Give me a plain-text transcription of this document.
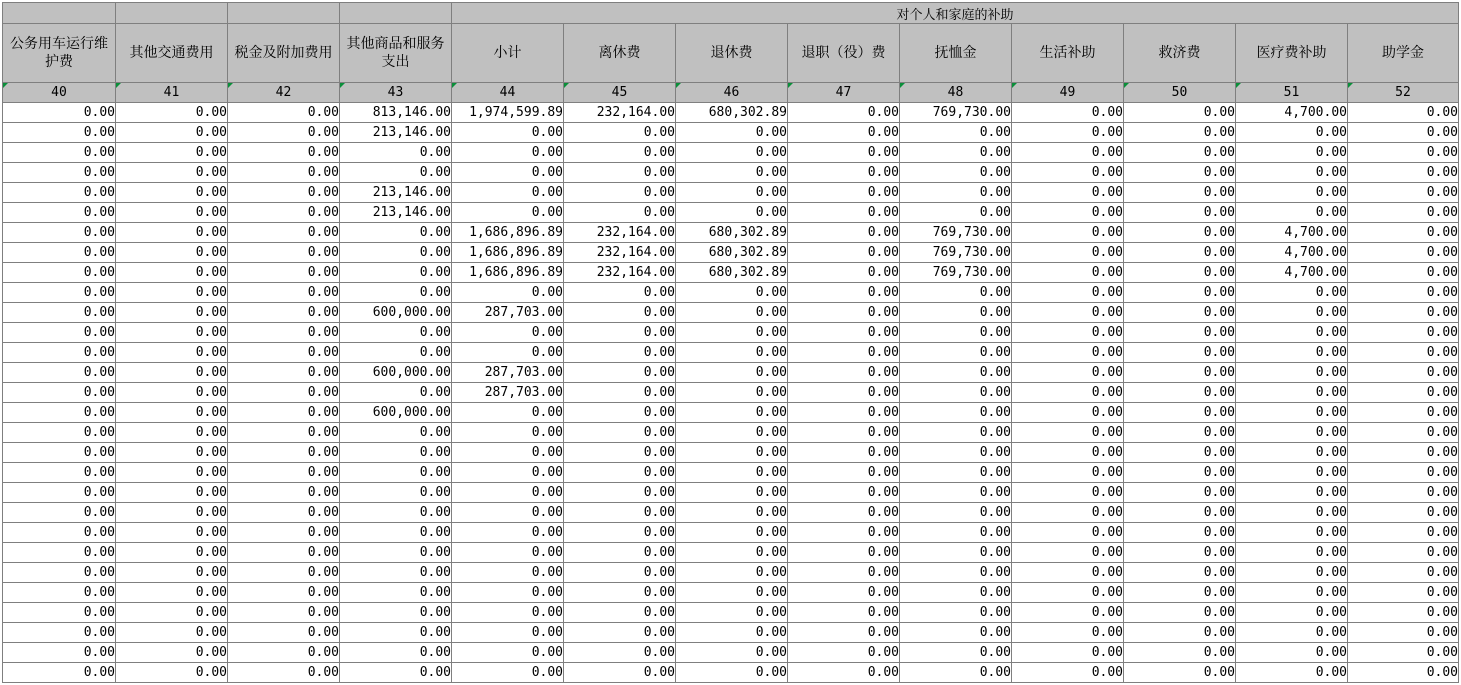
				对个人和家庭的补助								

公务用车运行维护费	其他交通费用	税金及附加费用	其他商品和服务支出	小计	离休费	退休费	退职（役）费	抚恤金	生活补助	救济费	医疗费补助	助学金

40	41	42	43	44	45	46	47	48	49	50	51	52
0.00	0.00	0.00	813,146.00	1,974,599.89	232,164.00	680,302.89	0.00	769,730.00	0.00	0.00	4,700.00	0.00
0.00	0.00	0.00	213,146.00	0.00	0.00	0.00	0.00	0.00	0.00	0.00	0.00	0.00
0.00	0.00	0.00	0.00	0.00	0.00	0.00	0.00	0.00	0.00	0.00	0.00	0.00
0.00	0.00	0.00	0.00	0.00	0.00	0.00	0.00	0.00	0.00	0.00	0.00	0.00
0.00	0.00	0.00	213,146.00	0.00	0.00	0.00	0.00	0.00	0.00	0.00	0.00	0.00
0.00	0.00	0.00	213,146.00	0.00	0.00	0.00	0.00	0.00	0.00	0.00	0.00	0.00
0.00	0.00	0.00	0.00	1,686,896.89	232,164.00	680,302.89	0.00	769,730.00	0.00	0.00	4,700.00	0.00
0.00	0.00	0.00	0.00	1,686,896.89	232,164.00	680,302.89	0.00	769,730.00	0.00	0.00	4,700.00	0.00
0.00	0.00	0.00	0.00	1,686,896.89	232,164.00	680,302.89	0.00	769,730.00	0.00	0.00	4,700.00	0.00
0.00	0.00	0.00	0.00	0.00	0.00	0.00	0.00	0.00	0.00	0.00	0.00	0.00
0.00	0.00	0.00	600,000.00	287,703.00	0.00	0.00	0.00	0.00	0.00	0.00	0.00	0.00
0.00	0.00	0.00	0.00	0.00	0.00	0.00	0.00	0.00	0.00	0.00	0.00	0.00
0.00	0.00	0.00	0.00	0.00	0.00	0.00	0.00	0.00	0.00	0.00	0.00	0.00
0.00	0.00	0.00	600,000.00	287,703.00	0.00	0.00	0.00	0.00	0.00	0.00	0.00	0.00
0.00	0.00	0.00	0.00	287,703.00	0.00	0.00	0.00	0.00	0.00	0.00	0.00	0.00
0.00	0.00	0.00	600,000.00	0.00	0.00	0.00	0.00	0.00	0.00	0.00	0.00	0.00
0.00	0.00	0.00	0.00	0.00	0.00	0.00	0.00	0.00	0.00	0.00	0.00	0.00
0.00	0.00	0.00	0.00	0.00	0.00	0.00	0.00	0.00	0.00	0.00	0.00	0.00
0.00	0.00	0.00	0.00	0.00	0.00	0.00	0.00	0.00	0.00	0.00	0.00	0.00
0.00	0.00	0.00	0.00	0.00	0.00	0.00	0.00	0.00	0.00	0.00	0.00	0.00
0.00	0.00	0.00	0.00	0.00	0.00	0.00	0.00	0.00	0.00	0.00	0.00	0.00
0.00	0.00	0.00	0.00	0.00	0.00	0.00	0.00	0.00	0.00	0.00	0.00	0.00
0.00	0.00	0.00	0.00	0.00	0.00	0.00	0.00	0.00	0.00	0.00	0.00	0.00
0.00	0.00	0.00	0.00	0.00	0.00	0.00	0.00	0.00	0.00	0.00	0.00	0.00
0.00	0.00	0.00	0.00	0.00	0.00	0.00	0.00	0.00	0.00	0.00	0.00	0.00
0.00	0.00	0.00	0.00	0.00	0.00	0.00	0.00	0.00	0.00	0.00	0.00	0.00
0.00	0.00	0.00	0.00	0.00	0.00	0.00	0.00	0.00	0.00	0.00	0.00	0.00
0.00	0.00	0.00	0.00	0.00	0.00	0.00	0.00	0.00	0.00	0.00	0.00	0.00
0.00	0.00	0.00	0.00	0.00	0.00	0.00	0.00	0.00	0.00	0.00	0.00	0.00
